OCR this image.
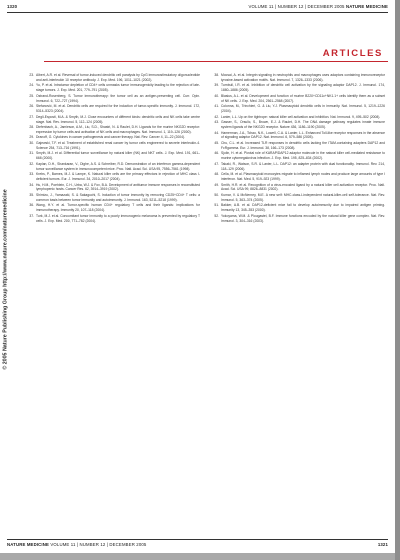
1320	VOLUME 11 | NUMBER 12 | DECEMBER 2005 NATURE MEDICINE
ARTICLES
© 2005 Nature Publishing Group http://www.nature.com/naturemedicine
23. Albert, A.R. et al. Reversal of tumor-induced dendritic cell paralysis by CpG immunostimulatory oligonucleotide and anti-interleukin 10 receptor antibody. J. Exp. Med. 196, 1011–1021 (2002).
24. Yu, P. et al. Intratumor depletion of CD4+ cells unmasks tumor immunogenicity leading to the rejection of late-stage tumors. J. Exp. Med. 201, 779–791 (2005).
25. Ostrand-Rosenberg, S. Tumor immunotherapy: the tumor cell as an antigen-presenting cell. Curr. Opin. Immunol. 6, 722–727 (1994).
26. Stefanović, M. et al. Dendritic cells are required for the induction of tumor-specific immunity. J. Immunol. 172, 5314–5323 (2004).
27. Degli-Esposti, M.A. & Smyth, M.J. Close encounters of different kinds: dendritic cells and NK cells take centre stage. Nat. Rev. Immunol. 5, 112–124 (2005).
28. Diefenbach, A., Jamieson, A.M., Liu, S.D., Shastri, N. & Raulet, D.H. Ligands for the murine NKG2D receptor: expression by tumor cells and activation of NK cells and macrophages. Nat. Immunol. 1, 119–126 (2000).
29. Dranoff, G. Cytokines in cancer pathogenesis and cancer therapy. Nat. Rev. Cancer 4, 11–22 (2004).
30. Gajewski, T.F. et al. Treatment of established renal cancer by tumor cells engineered to secrete interleukin-4. Science 254, 713–716 (1991).
31. Smyth, M.J. et al. Differential tumor surveillance by natural killer (NK) and NKT cells. J. Exp. Med. 191, 661–668 (2000).
32. Kaplan, D.H., Shankaran, V., Dighe, A.S. & Schreiber, R.D. Demonstration of an interferon gamma-dependent tumor surveillance system in immunocompetent mice. Proc. Natl. Acad. Sci. USA 95, 7556–7561 (1998).
33. Krebs, P., Barnes, M.J. & Lampe, K. Natural killer cells are the primary effectors in rejection of MHC class I-deficient tumors. Eur. J. Immunol. 34, 2010–2017 (2004).
34. Hu, H.M., Poehlein, C.H., Urba, W.J. & Fox, B.A. Development of antitumor immune responses in reconstituted lymphopenic hosts. Cancer Res. 62, 3914–3919 (2002).
35. Shimizu, J., Yamazaki, S. & Sakaguchi, S. Induction of tumor immunity by removing CD25+CD4+ T cells: a common basis between tumor immunity and autoimmunity. J. Immunol. 163, 5211–5218 (1999).
36. Wang, H.Y. et al. Tumor-specific human CD4+ regulatory T cells and their ligands: implications for immunotherapy. Immunity 20, 107–118 (2004).
37. Turk, M.J. et al. Concomitant tumor immunity to a poorly immunogenic melanoma is prevented by regulatory T cells. J. Exp. Med. 200, 771–782 (2004).
38. Mocsai, A. et al. Integrin signaling in neutrophils and macrophages uses adaptors containing immunoreceptor tyrosine-based activation motifs. Nat. Immunol. 7, 1326–1333 (2006).
39. Turnbull, I.R. et al. Inhibition of dendritic cell activation by the signaling adaptor DAP12. J. Immunol. 174, 1880–1886 (2005).
40. Blasius, A.L. et al. Development and function of murine B220+CD11c+NK1.1+ cells identify them as a subset of NK cells. J. Exp. Med. 204, 2561–2568 (2007).
41. Colonna, M., Trinchieri, G. & Liu, Y.J. Plasmacytoid dendritic cells in immunity. Nat. Immunol. 5, 1219–1226 (2004).
42. Lanier, L.L. Up on the tightrope: natural killer cell activation and inhibition. Nat. Immunol. 9, 495–502 (2008).
43. Gasser, S., Orsulic, S., Brown, E.J. & Raulet, D.H. The DNA damage pathway regulates innate immune system ligands of the NKG2D receptor. Nature 436, 1186–1190 (2005).
44. Hamerman, J.A., Tchao, N.K., Lowell, C.A. & Lanier, L.L. Enhanced Toll-like receptor responses in the absence of signaling adaptor DAP12. Nat. Immunol. 6, 579–586 (2005).
45. Chu, C.L. et al. Increased TLR responses in dendritic cells lacking the ITAM-containing adapters DAP12 and FcRgamma. Eur. J. Immunol. 38, 166–173 (2008).
46. Sjolin, H. et al. Pivotal role of KARAP/DAP12 adaptor molecule in the natural killer cell-mediated resistance to murine cytomegalovirus infection. J. Exp. Med. 195, 825–834 (2002).
47. Takaki, R., Watson, S.R. & Lanier, L.L. DAP12: an adapter protein with dual functionality. Immunol. Rev. 214, 118–129 (2006).
48. Cella, M. et al. Plasmacytoid monocytes migrate to inflamed lymph nodes and produce large amounts of type I interferon. Nat. Med. 5, 919–923 (1999).
49. Smith, H.R. et al. Recognition of a virus-encoded ligand by a natural killer cell activation receptor. Proc. Natl. Acad. Sci. USA 99, 8826–8831 (2002).
50. Kumar, V. & McNerney, M.E. A new self: MHC-class-I-independent natural-killer-cell self-tolerance. Nat. Rev. Immunol. 5, 363–374 (2005).
51. Bakker, A.B. et al. DAP12-deficient mice fail to develop autoimmunity due to impaired antigen priming. Immunity 13, 345–353 (2000).
52. Yokoyama, W.M. & Plougastel, B.F. Immune functions encoded by the natural killer gene complex. Nat. Rev. Immunol. 3, 304–316 (2003).
NATURE MEDICINE VOLUME 11 | NUMBER 12 | DECEMBER 2005	1321
